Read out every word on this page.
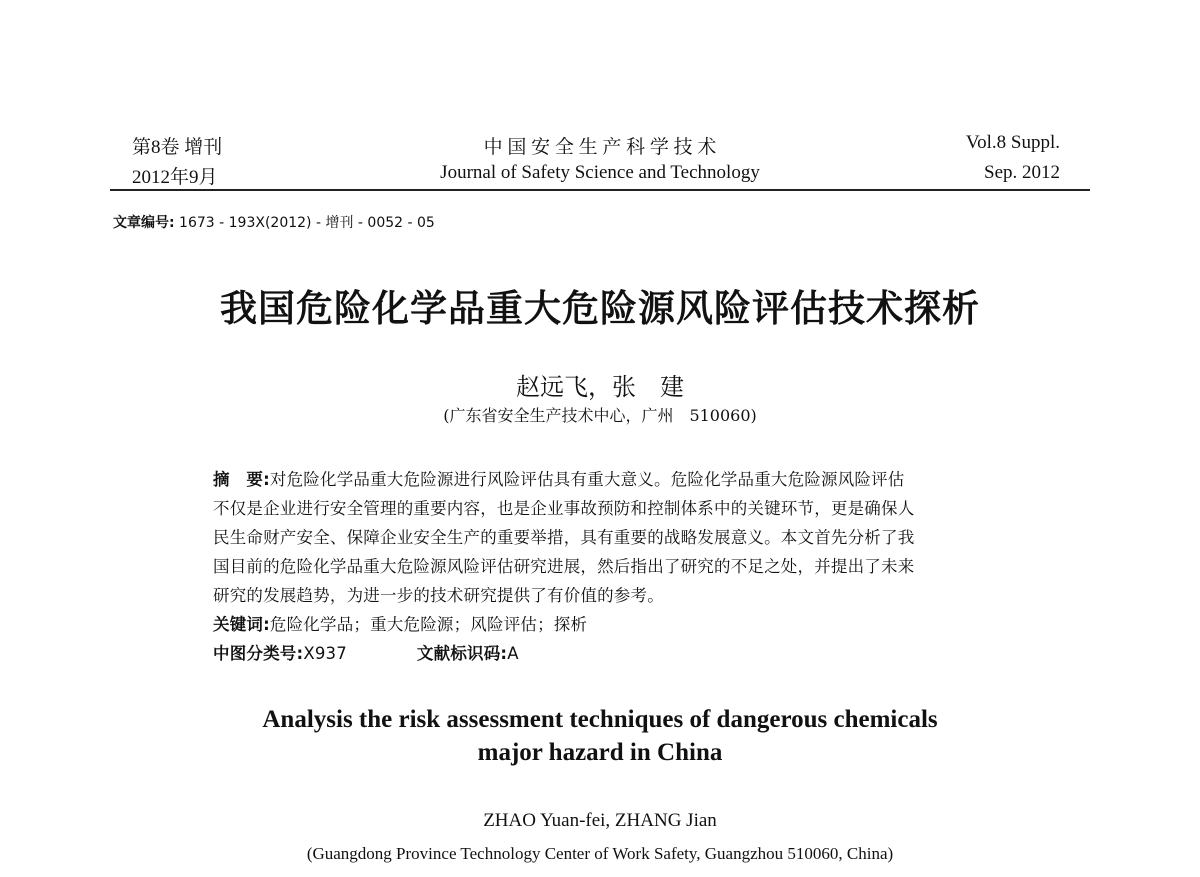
第8卷 增刊
2012年9月
中 国 安 全 生 产 科 学 技 术
Journal of Safety Science and Technology
Vol.8 Suppl.
Sep. 2012
文章编号: 1673 - 193X(2012) - 增刊 - 0052 - 05
我国危险化学品重大危险源风险评估技术探析
赵远飞，张　建
(广东省安全生产技术中心，广州　510060)
摘　要:对危险化学品重大危险源进行风险评估具有重大意义。危险化学品重大危险源风险评估
不仅是企业进行安全管理的重要内容，也是企业事故预防和控制体系中的关键环节，更是确保人
民生命财产安全、保障企业安全生产的重要举措，具有重要的战略发展意义。本文首先分析了我
国目前的危险化学品重大危险源风险评估研究进展，然后指出了研究的不足之处，并提出了未来
研究的发展趋势，为进一步的技术研究提供了有价值的参考。
关键词:危险化学品；重大危险源；风险评估；探析
中图分类号:X937	文献标识码:A
Analysis the risk assessment techniques of dangerous chemicals
major hazard in China
ZHAO Yuan-fei, ZHANG Jian
(Guangdong Province Technology Center of Work Safety, Guangzhou 510060, China)
